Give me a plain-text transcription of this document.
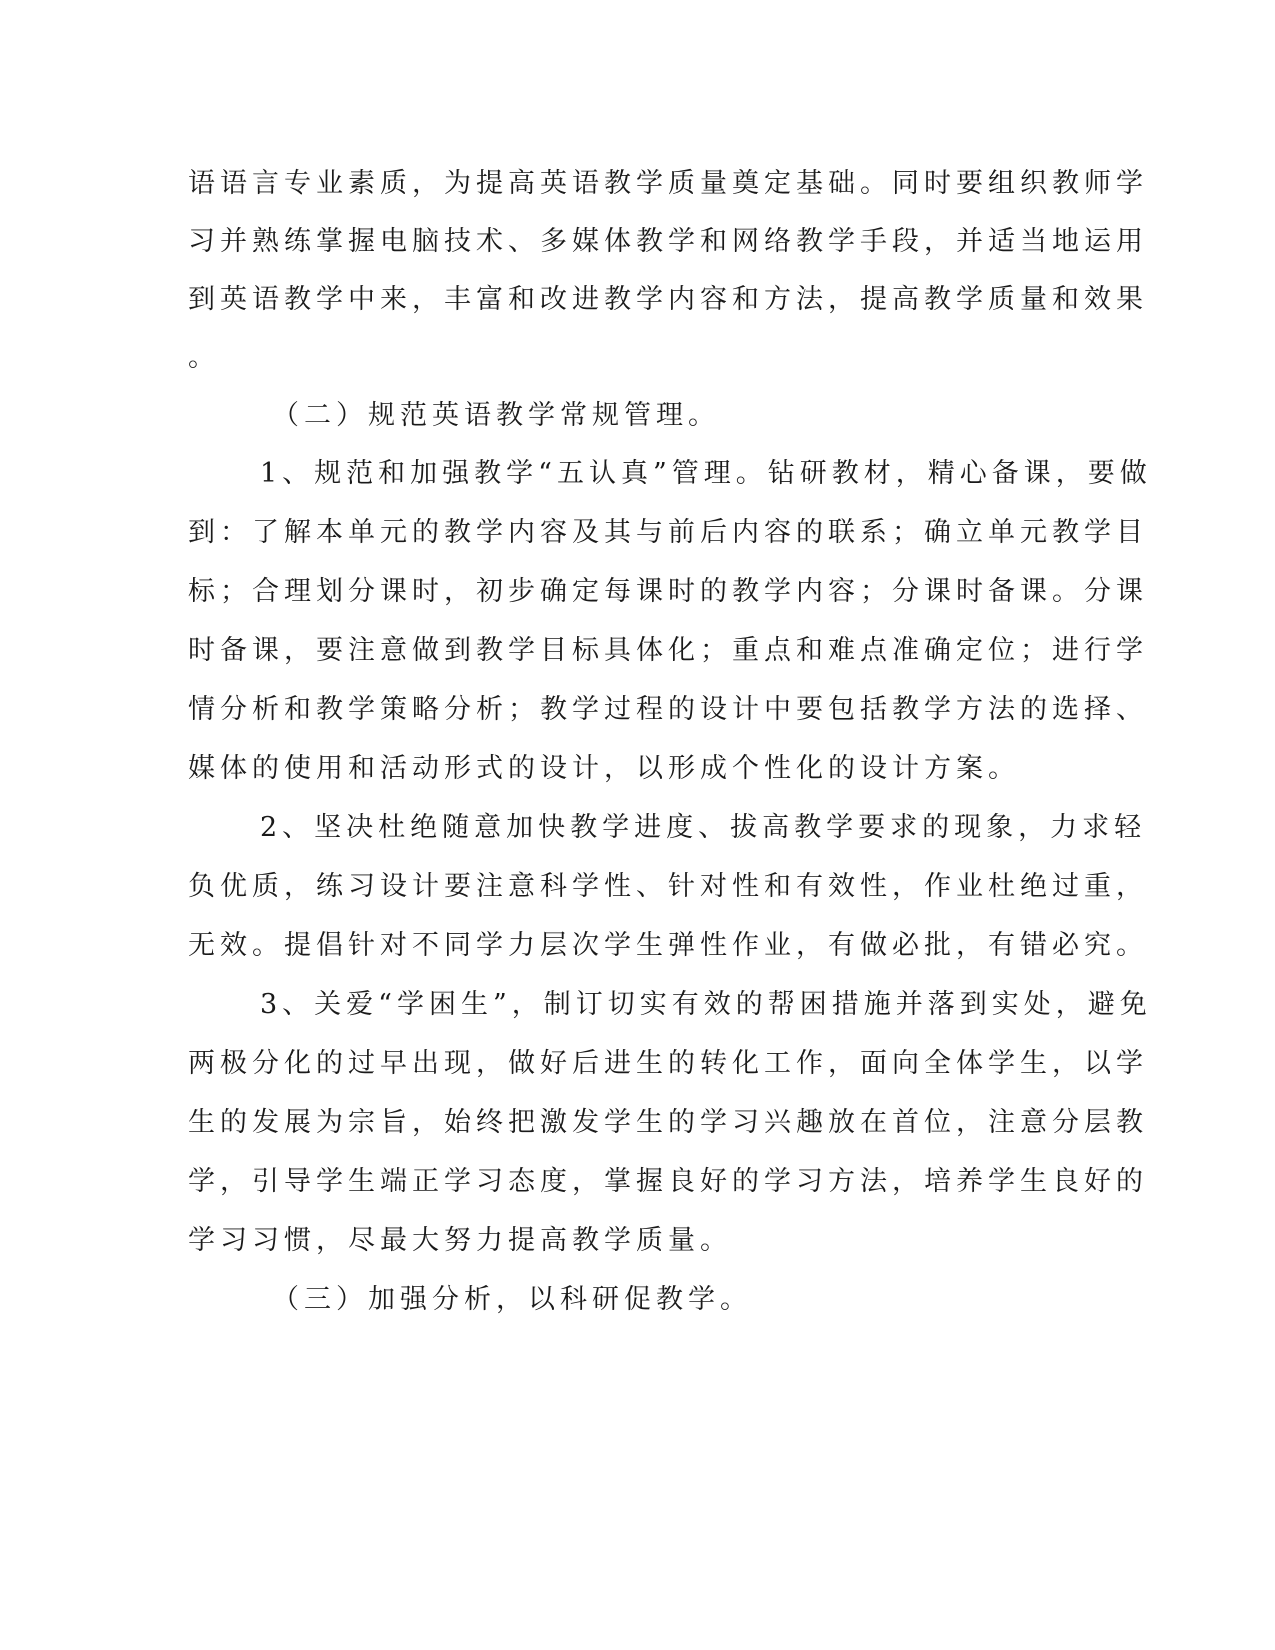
语语言专业素质，为提高英语教学质量奠定基础。同时要组织教师学
习并熟练掌握电脑技术、多媒体教学和网络教学手段，并适当地运用
到英语教学中来，丰富和改进教学内容和方法，提高教学质量和效果
。
（二）规范英语教学常规管理。
1、规范和加强教学“五认真”管理。钻研教材，精心备课，要做
到：了解本单元的教学内容及其与前后内容的联系；确立单元教学目
标；合理划分课时，初步确定每课时的教学内容；分课时备课。分课
时备课，要注意做到教学目标具体化；重点和难点准确定位；进行学
情分析和教学策略分析；教学过程的设计中要包括教学方法的选择、
媒体的使用和活动形式的设计，以形成个性化的设计方案。
2、坚决杜绝随意加快教学进度、拔高教学要求的现象，力求轻
负优质，练习设计要注意科学性、针对性和有效性，作业杜绝过重，
无效。提倡针对不同学力层次学生弹性作业，有做必批，有错必究。
3、关爱“学困生”，制订切实有效的帮困措施并落到实处，避免
两极分化的过早出现，做好后进生的转化工作，面向全体学生，以学
生的发展为宗旨，始终把激发学生的学习兴趣放在首位，注意分层教
学，引导学生端正学习态度，掌握良好的学习方法，培养学生良好的
学习习惯，尽最大努力提高教学质量。
（三）加强分析，以科研促教学。
